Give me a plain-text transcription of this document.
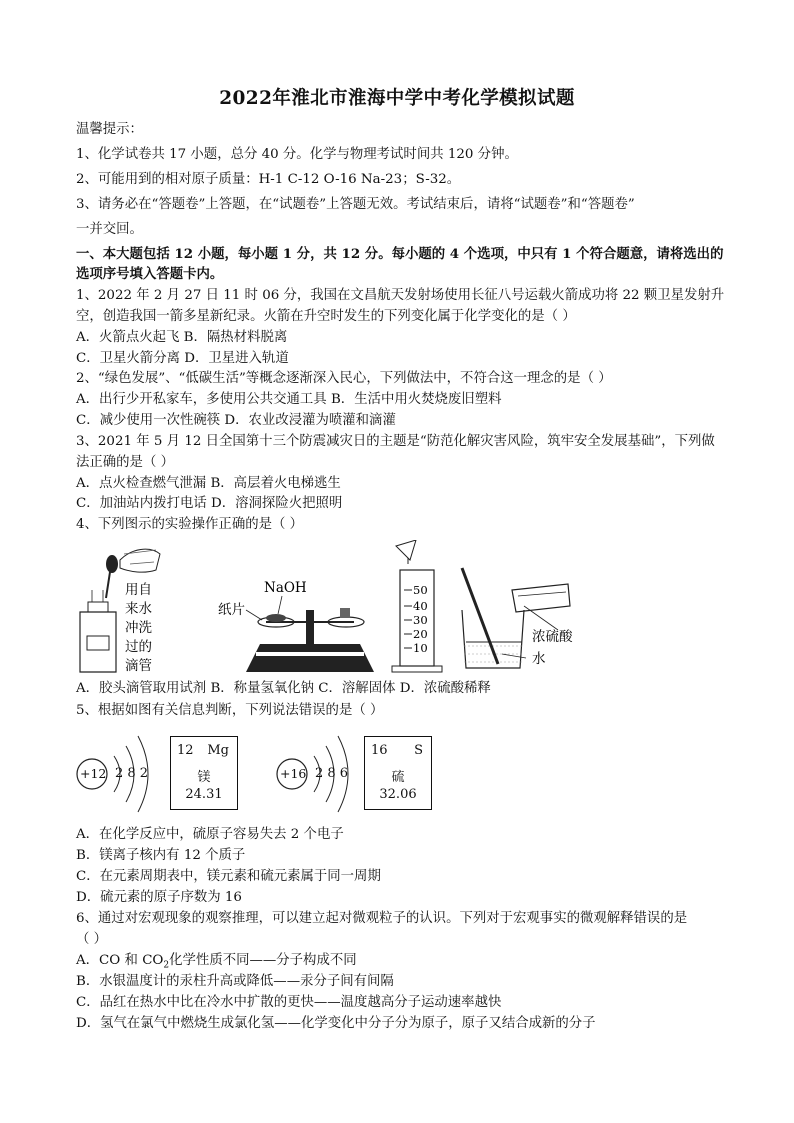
2022年淮北市淮海中学中考化学模拟试题
温馨提示：
1、化学试卷共 17 小题，总分 40 分。化学与物理考试时间共 120 分钟。
2、可能用到的相对原子质量：H-1 C-12 O-16 Na-23；S-32。
3、请务必在“答题卷”上答题，在“试题卷”上答题无效。考试结束后，请将“试题卷”和“答题卷”
一并交回。
一、本大题包括 12 小题，每小题 1 分，共 12 分。每小题的 4 个选项，中只有 1 个符合题意，请将选出的
选项序号填入答题卡内。
1、2022 年 2 月 27 日 11 时 06 分，我国在文昌航天发射场使用长征八号运载火箭成功将 22 颗卫星发射升
空，创造我国一箭多星新纪录。火箭在升空时发生的下列变化属于化学变化的是（ ）
A．火箭点火起飞 B．隔热材料脱离
C．卫星火箭分离 D．卫星进入轨道
2、“绿色发展”、“低碳生活”等概念逐渐深入民心，下列做法中，不符合这一理念的是（ ）
A．出行少开私家车，多使用公共交通工具 B．生活中用火焚烧废旧塑料
C．减少使用一次性碗筷 D．农业改浸灌为喷灌和滴灌
3、2021 年 5 月 12 日全国第十三个防震减灾日的主题是“防范化解灾害风险，筑牢安全发展基础”，下列做
法正确的是（ ）
A．点火检查燃气泄漏 B．高层着火电梯逃生
C．加油站内拨打电话 D．溶洞探险火把照明
4、下列图示的实验操作正确的是（ ）
用自
来水
冲洗
过的
滴管
NaOH
纸片
50
40
30
20
10
浓硫酸
水
A．胶头滴管取用试剂 B．称量氢氧化钠 C．溶解固体 D．浓硫酸稀释
5、根据如图有关信息判断，下列说法错误的是（ ）
+12 2 8 2
12 Mg
镁
24.31
+16 2 8 6
16 S
硫
32.06
A．在化学反应中，硫原子容易失去 2 个电子
B．镁离子核内有 12 个质子
C．在元素周期表中，镁元素和硫元素属于同一周期
D．硫元素的原子序数为 16
6、通过对宏观现象的观察推理，可以建立起对微观粒子的认识。下列对于宏观事实的微观解释错误的是
（ ）
A．CO 和 $CO_2$化学性质不同——分子构成不同
B．水银温度计的汞柱升高或降低——汞分子间有间隔
C．品红在热水中比在冷水中扩散的更快——温度越高分子运动速率越快
D．氢气在氯气中燃烧生成氯化氢——化学变化中分子分为原子，原子又结合成新的分子
